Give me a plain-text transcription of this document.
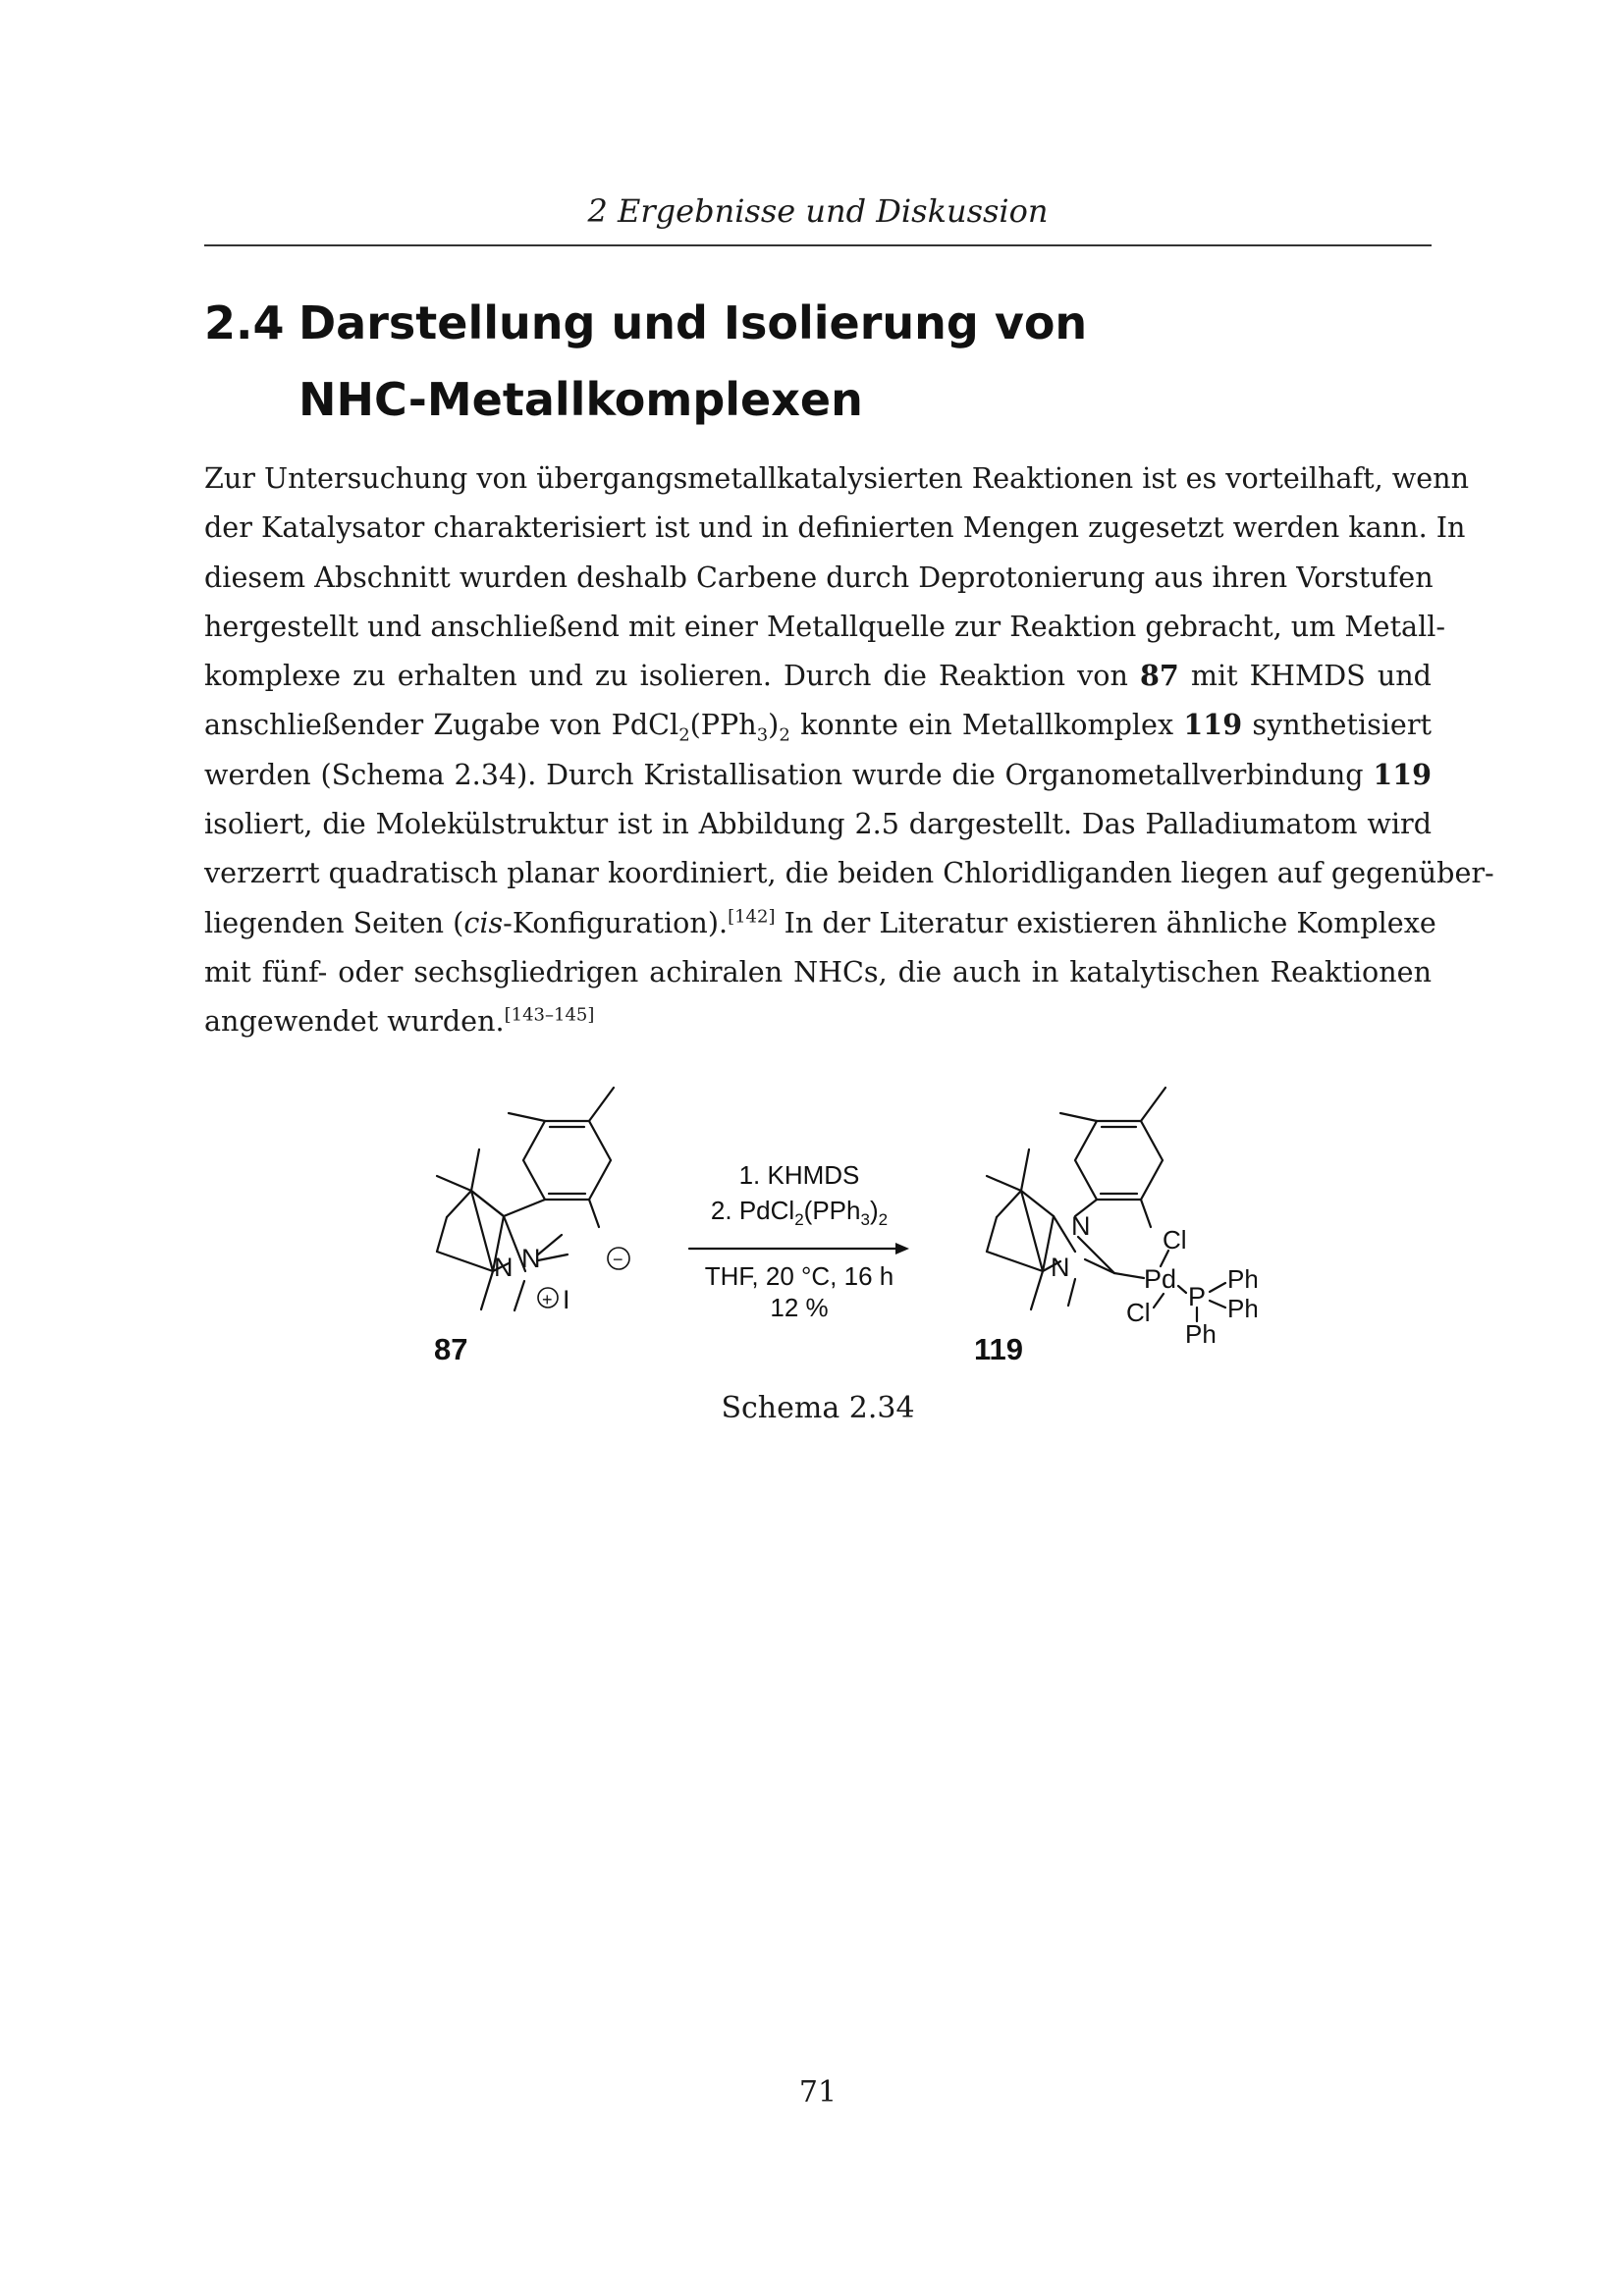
2 Ergebnisse und Diskussion
2.4 Darstellung und Isolierung von
NHC-Metallkomplexen
Zur Untersuchung von übergangsmetallkatalysierten Reaktionen ist es vorteilhaft, wenn
der Katalysator charakterisiert ist und in definierten Mengen zugesetzt werden kann. In
diesem Abschnitt wurden deshalb Carbene durch Deprotonierung aus ihren Vorstufen
hergestellt und anschließend mit einer Metallquelle zur Reaktion gebracht, um Metall-
komplexe zu erhalten und zu isolieren. Durch die Reaktion von 87 mit KHMDS und
anschließender Zugabe von $PdCl_2(PPh_3)_2$ konnte ein Metallkomplex 119 synthetisiert
werden (Schema 2.34). Durch Kristallisation wurde die Organometallverbindung 119
isoliert, die Molekülstruktur ist in Abbildung 2.5 dargestellt. Das Palladiumatom wird
verzerrt quadratisch planar koordiniert, die beiden Chloridliganden liegen auf gegenüber-
liegenden Seiten (cis-Konfiguration).[142] In der Literatur existieren ähnliche Komplexe
mit fünf- oder sechsgliedrigen achiralen NHCs, die auch in katalytischen Reaktionen
angewendet wurden.[143–145]
N N
+ I
−
87
1. KHMDS
2. $PdCl_2(PPh_3)_2$
THF, 20 °C, 16 h
12 %
N
N
Pd
Cl
Cl
P
Ph
Ph
Ph
119
Schema 2.34
71
